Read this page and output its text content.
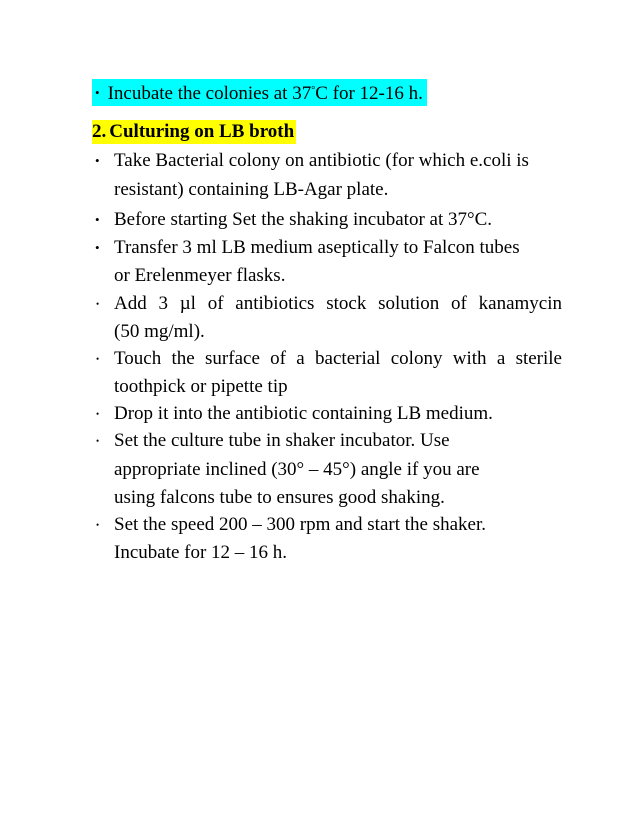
• Incubate the colonies at 37°C for 12-16 h.
2. Culturing on LB broth
• Take Bacterial colony on antibiotic (for which e.coli is
resistant) containing LB-Agar plate.
• Before starting Set the shaking incubator at 37°C.
• Transfer 3 ml LB medium aseptically to Falcon tubes
or Erelenmeyer flasks.
• Add 3 µl of antibiotics stock solution of kanamycin
(50 mg/ml).
• Touch the surface of a bacterial colony with a sterile
toothpick or pipette tip
• Drop it into the antibiotic containing LB medium.
• Set the culture tube in shaker incubator. Use
appropriate inclined (30° – 45°) angle if you are
using falcons tube to ensures good shaking.
• Set the speed 200 – 300 rpm and start the shaker.
Incubate for 12 – 16 h.
